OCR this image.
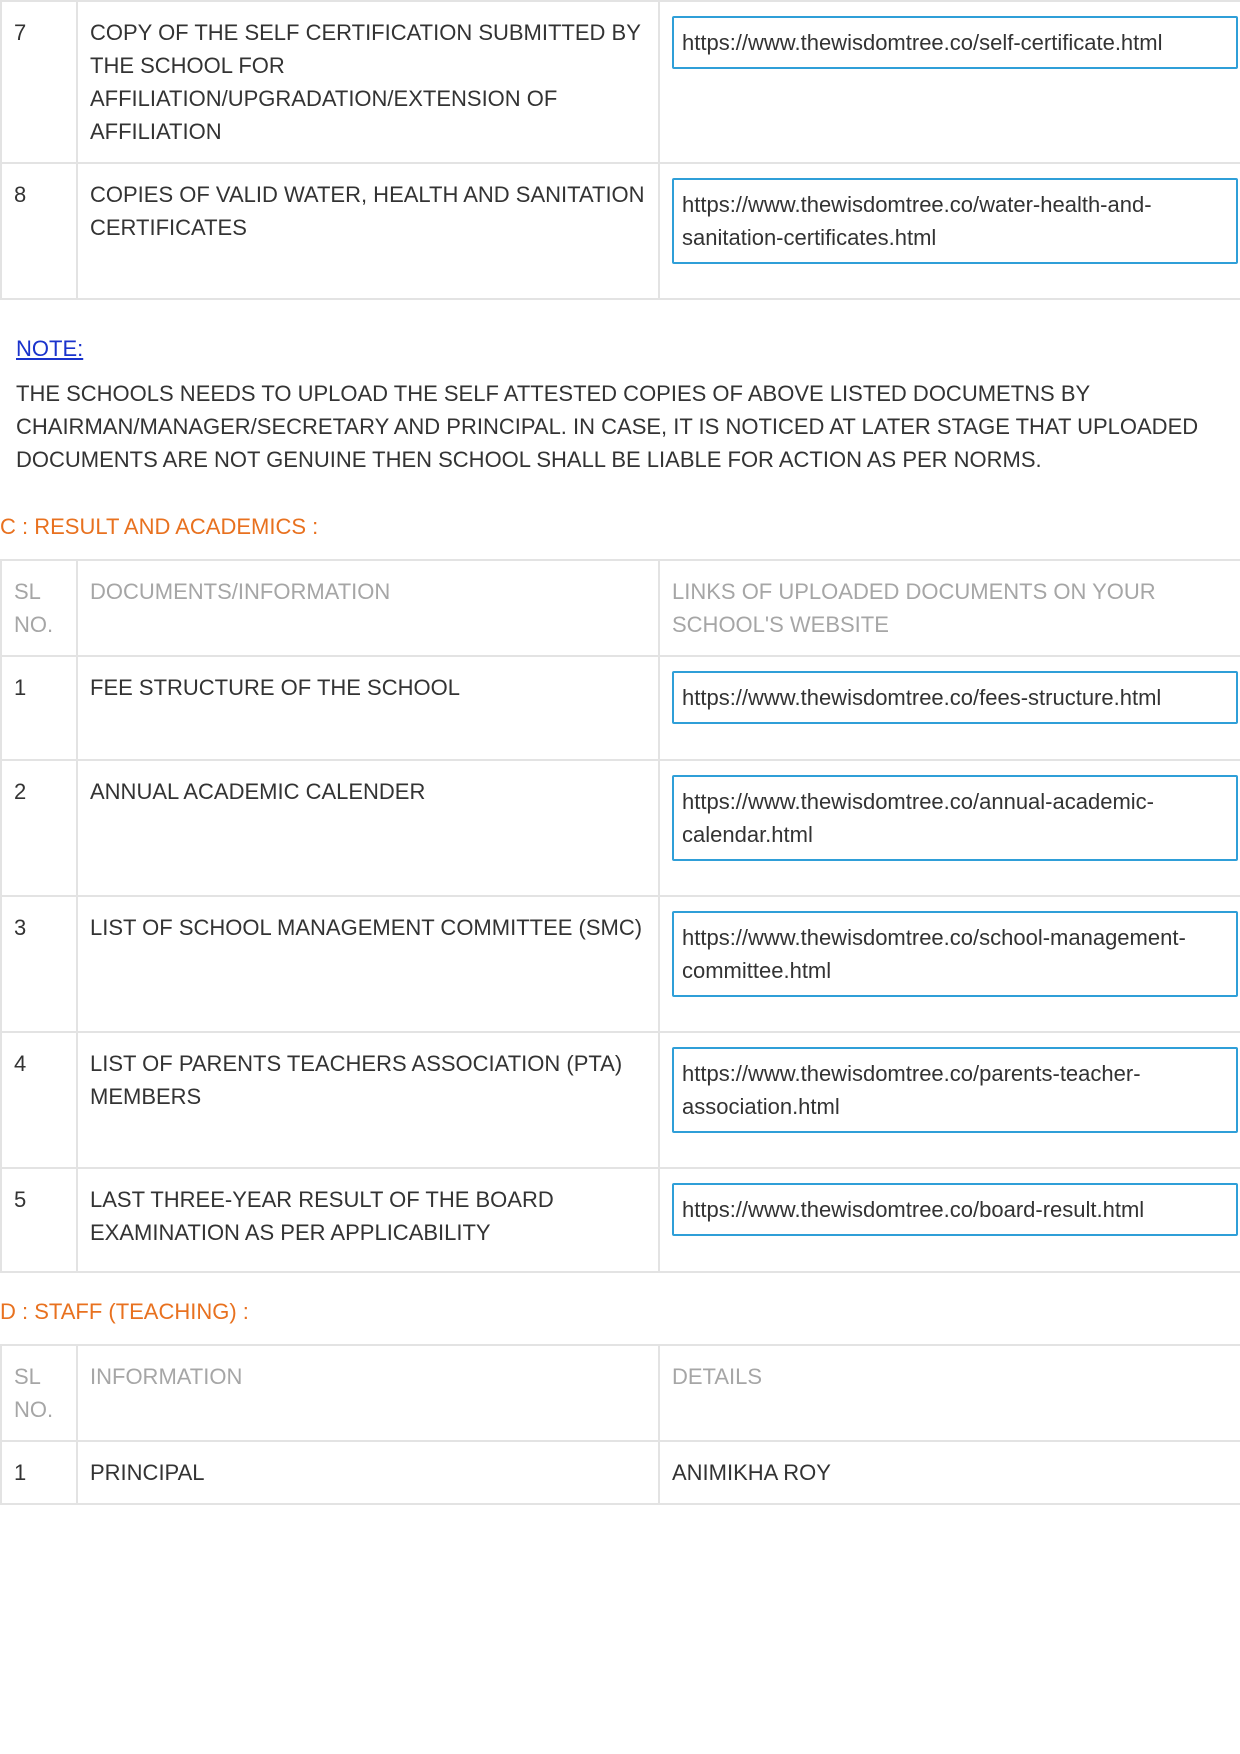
7	COPY OF THE SELF CERTIFICATION SUBMITTED BY THE SCHOOL FOR AFFILIATION/UPGRADATION/EXTENSION OF AFFILIATION	https://www.thewisdomtree.co/self-certificate.html

8	COPIES OF VALID WATER, HEALTH AND SANITATION CERTIFICATES	https://www.thewisdomtree.co/water-health-and-sanitation-certificates.html
NOTE:

THE SCHOOLS NEEDS TO UPLOAD THE SELF ATTESTED COPIES OF ABOVE LISTED DOCUMETNS BY CHAIRMAN/MANAGER/SECRETARY AND PRINCIPAL. IN CASE, IT IS NOTICED AT LATER STAGE THAT UPLOADED DOCUMENTS ARE NOT GENUINE THEN SCHOOL SHALL BE LIABLE FOR ACTION AS PER NORMS.

C : RESULT AND ACADEMICS :
SL NO.	DOCUMENTS/INFORMATION	LINKS OF UPLOADED DOCUMENTS ON YOUR SCHOOL'S WEBSITE
1	FEE STRUCTURE OF THE SCHOOL	https://www.thewisdomtree.co/fees-structure.html

2	ANNUAL ACADEMIC CALENDER	https://www.thewisdomtree.co/annual-academic-calendar.html

3	LIST OF SCHOOL MANAGEMENT COMMITTEE (SMC)	https://www.thewisdomtree.co/school-management-committee.html

4	LIST OF PARENTS TEACHERS ASSOCIATION (PTA) MEMBERS	https://www.thewisdomtree.co/parents-teacher-association.html

5	LAST THREE-YEAR RESULT OF THE BOARD EXAMINATION AS PER APPLICABILITY	https://www.thewisdomtree.co/board-result.html
D : STAFF (TEACHING) :
SL NO.	INFORMATION	DETAILS
1	PRINCIPAL	ANIMIKHA ROY
